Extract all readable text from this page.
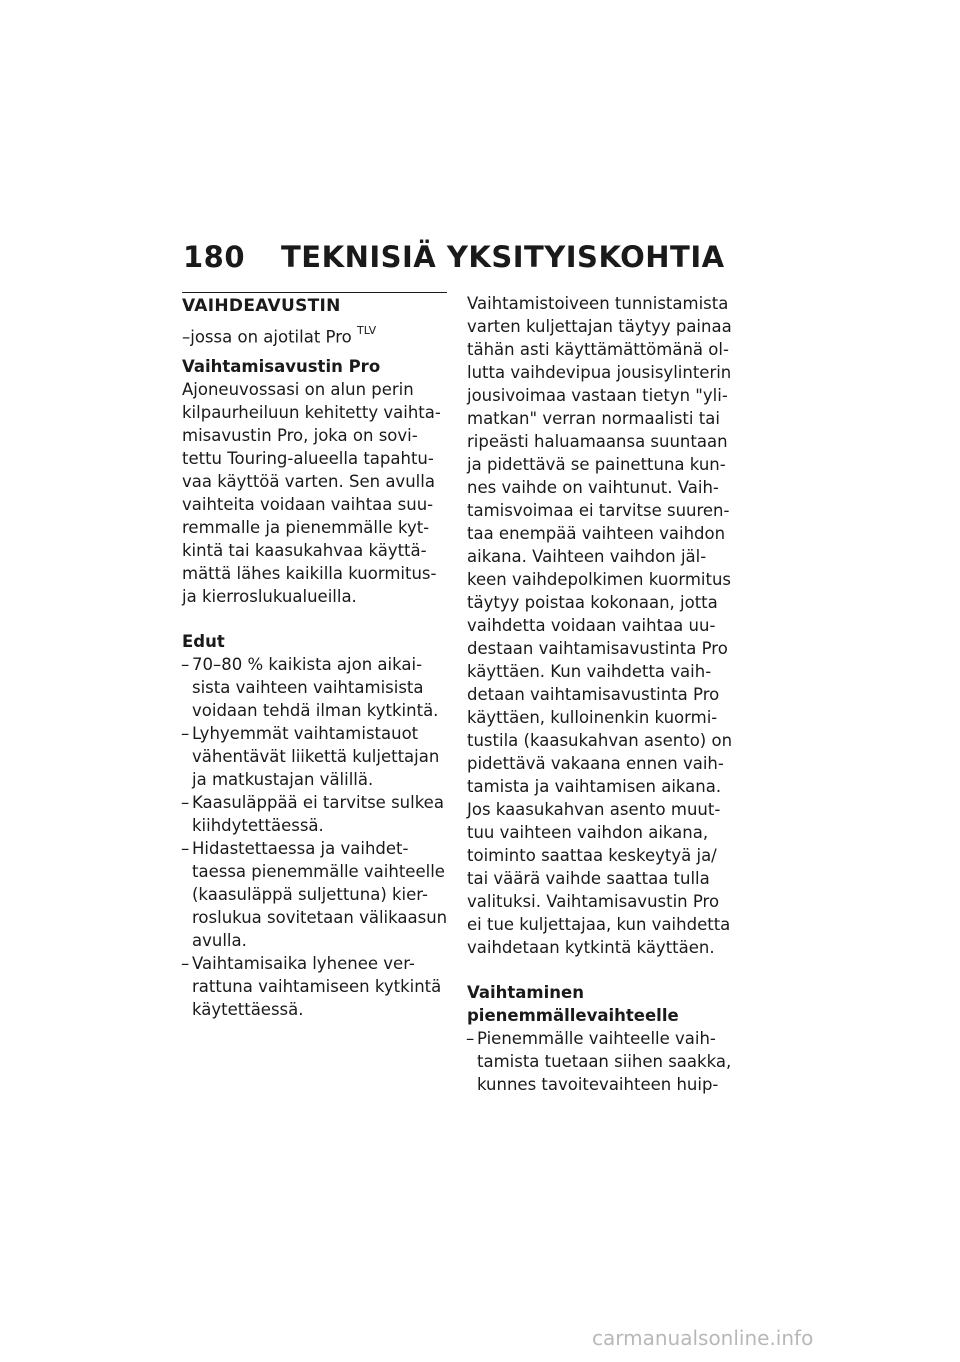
180 TEKNISIÄ YKSITYISKOHTIA
VAIHDEAVUSTIN
–jossa on ajotilat Pro $^{TLV}$
Vaihtamisavustin Pro
Ajoneuvossasi on alun perin
kilpaurheiluun kehitetty vaihta-
misavustin Pro, joka on sovi-
tettu Touring-alueella tapahtu-
vaa käyttöä varten. Sen avulla
vaihteita voidaan vaihtaa suu-
remmalle ja pienemmälle kyt-
kintä tai kaasukahvaa käyttä-
mättä lähes kaikilla kuormitus-
ja kierroslukualueilla.
Edut
– 70–80 % kaikista ajon aikai-
sista vaihteen vaihtamisista
voidaan tehdä ilman kytkintä.
– Lyhyemmät vaihtamistauot
vähentävät liikettä kuljettajan
ja matkustajan välillä.
– Kaasuläppää ei tarvitse sulkea
kiihdytettäessä.
– Hidastettaessa ja vaihdet-
taessa pienemmälle vaihteelle
(kaasuläppä suljettuna) kier-
roslukua sovitetaan välikaasun
avulla.
– Vaihtamisaika lyhenee ver-
rattuna vaihtamiseen kytkintä
käytettäessä.
Vaihtamistoiveen tunnistamista
varten kuljettajan täytyy painaa
tähän asti käyttämättömänä ol-
lutta vaihdevipua jousisylinterin
jousivoimaa vastaan tietyn "yli-
matkan" verran normaalisti tai
ripeästi haluamaansa suuntaan
ja pidettävä se painettuna kun-
nes vaihde on vaihtunut. Vaih-
tamisvoimaa ei tarvitse suuren-
taa enempää vaihteen vaihdon
aikana. Vaihteen vaihdon jäl-
keen vaihdepolkimen kuormitus
täytyy poistaa kokonaan, jotta
vaihdetta voidaan vaihtaa uu-
destaan vaihtamisavustinta Pro
käyttäen. Kun vaihdetta vaih-
detaan vaihtamisavustinta Pro
käyttäen, kulloinenkin kuormi-
tustila (kaasukahvan asento) on
pidettävä vakaana ennen vaih-
tamista ja vaihtamisen aikana.
Jos kaasukahvan asento muut-
tuu vaihteen vaihdon aikana,
toiminto saattaa keskeytyä ja/
tai väärä vaihde saattaa tulla
valituksi. Vaihtamisavustin Pro
ei tue kuljettajaa, kun vaihdetta
vaihdetaan kytkintä käyttäen.
Vaihtaminen pienemmällevaihteelle
– Pienemmälle vaihteelle vaih-
tamista tuetaan siihen saakka,
kunnes tavoitevaihteen huip-
carmanualsonline.info
